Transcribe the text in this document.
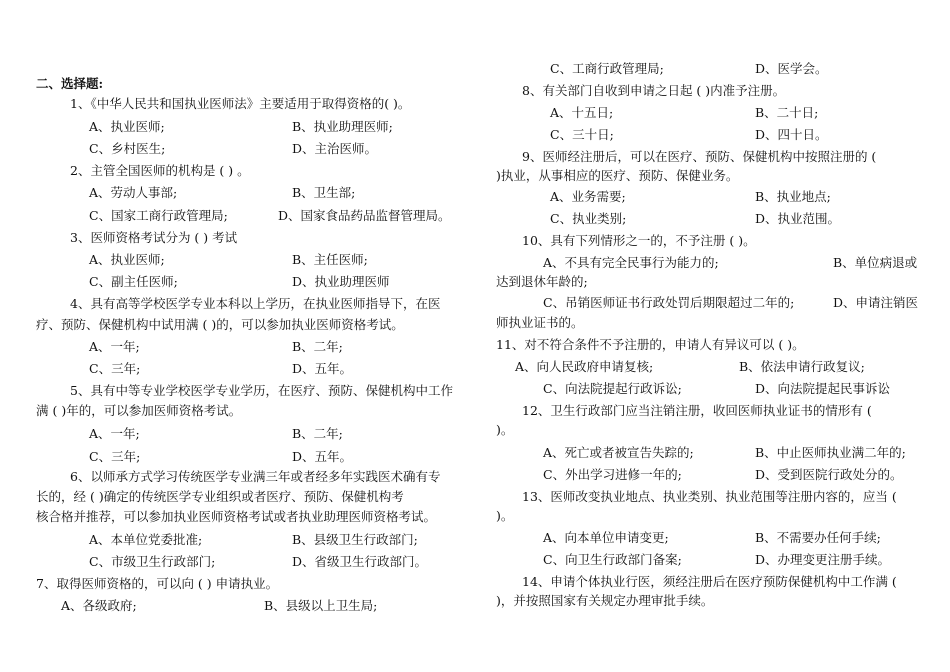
二、选择题:
1、《中华人民共和国执业医师法》主要适用于取得资格的( )。
A、执业医师;	B、执业助理医师;
C、乡村医生;	D、主治医师。
2、主管全国医师的机构是 ( ) 。
A、劳动人事部;	B、卫生部;
C、国家工商行政管理局;	D、国家食品药品监督管理局。
3、医师资格考试分为 ( ) 考试
A、执业医师;	B、主任医师;
C、副主任医师;	D、执业助理医师
4、具有高等学校医学专业本科以上学历，在执业医师指导下，在医
疗、预防、保健机构中试用满 ( )的，可以参加执业医师资格考试。
A、一年;	B、二年;
C、三年;	D、五年。
5、具有中等专业学校医学专业学历，在医疗、预防、保健机构中工作
满 ( )年的，可以参加医师资格考试。
A、一年;	B、二年;
C、三年;	D、五年。
6、以师承方式学习传统医学专业满三年或者经多年实践医术确有专
长的，经 ( )确定的传统医学专业组织或者医疗、预防、保健机构考
核合格并推荐，可以参加执业医师资格考试或者执业助理医师资格考试。
A、本单位党委批准;	B、县级卫生行政部门;
C、市级卫生行政部门;	D、省级卫生行政部门。
7、取得医师资格的，可以向 ( ) 申请执业。
A、各级政府;	B、县级以上卫生局;
C、工商行政管理局;	D、医学会。
8、有关部门自收到申请之日起 ( )内准予注册。
A、十五日;	B、二十日;
C、三十日;	D、四十日。
9、医师经注册后，可以在医疗、预防、保健机构中按照注册的 (
)执业，从事相应的医疗、预防、保健业务。
A、业务需要;	B、执业地点;
C、执业类别;	D、执业范围。
10、具有下列情形之一的，不予注册 ( )。
A、不具有完全民事行为能力的;	B、单位病退或
达到退休年龄的;
C、吊销医师证书行政处罚后期限超过二年的;	D、申请注销医
师执业证书的。
11、对不符合条件不予注册的，申请人有异议可以 ( )。
A、向人民政府申请复核;	B、依法申请行政复议;
C、向法院提起行政诉讼;	D、向法院提起民事诉讼
12、卫生行政部门应当注销注册，收回医师执业证书的情形有 (
)。
A、死亡或者被宣告失踪的;	B、中止医师执业满二年的;
C、外出学习进修一年的;	D、受到医院行政处分的。
13、医师改变执业地点、执业类别、执业范围等注册内容的，应当 (
)。
A、向本单位申请变更;	B、不需要办任何手续;
C、向卫生行政部门备案;	D、办理变更注册手续。
14、申请个体执业行医，须经注册后在医疗预防保健机构中工作满 (
)，并按照国家有关规定办理审批手续。
